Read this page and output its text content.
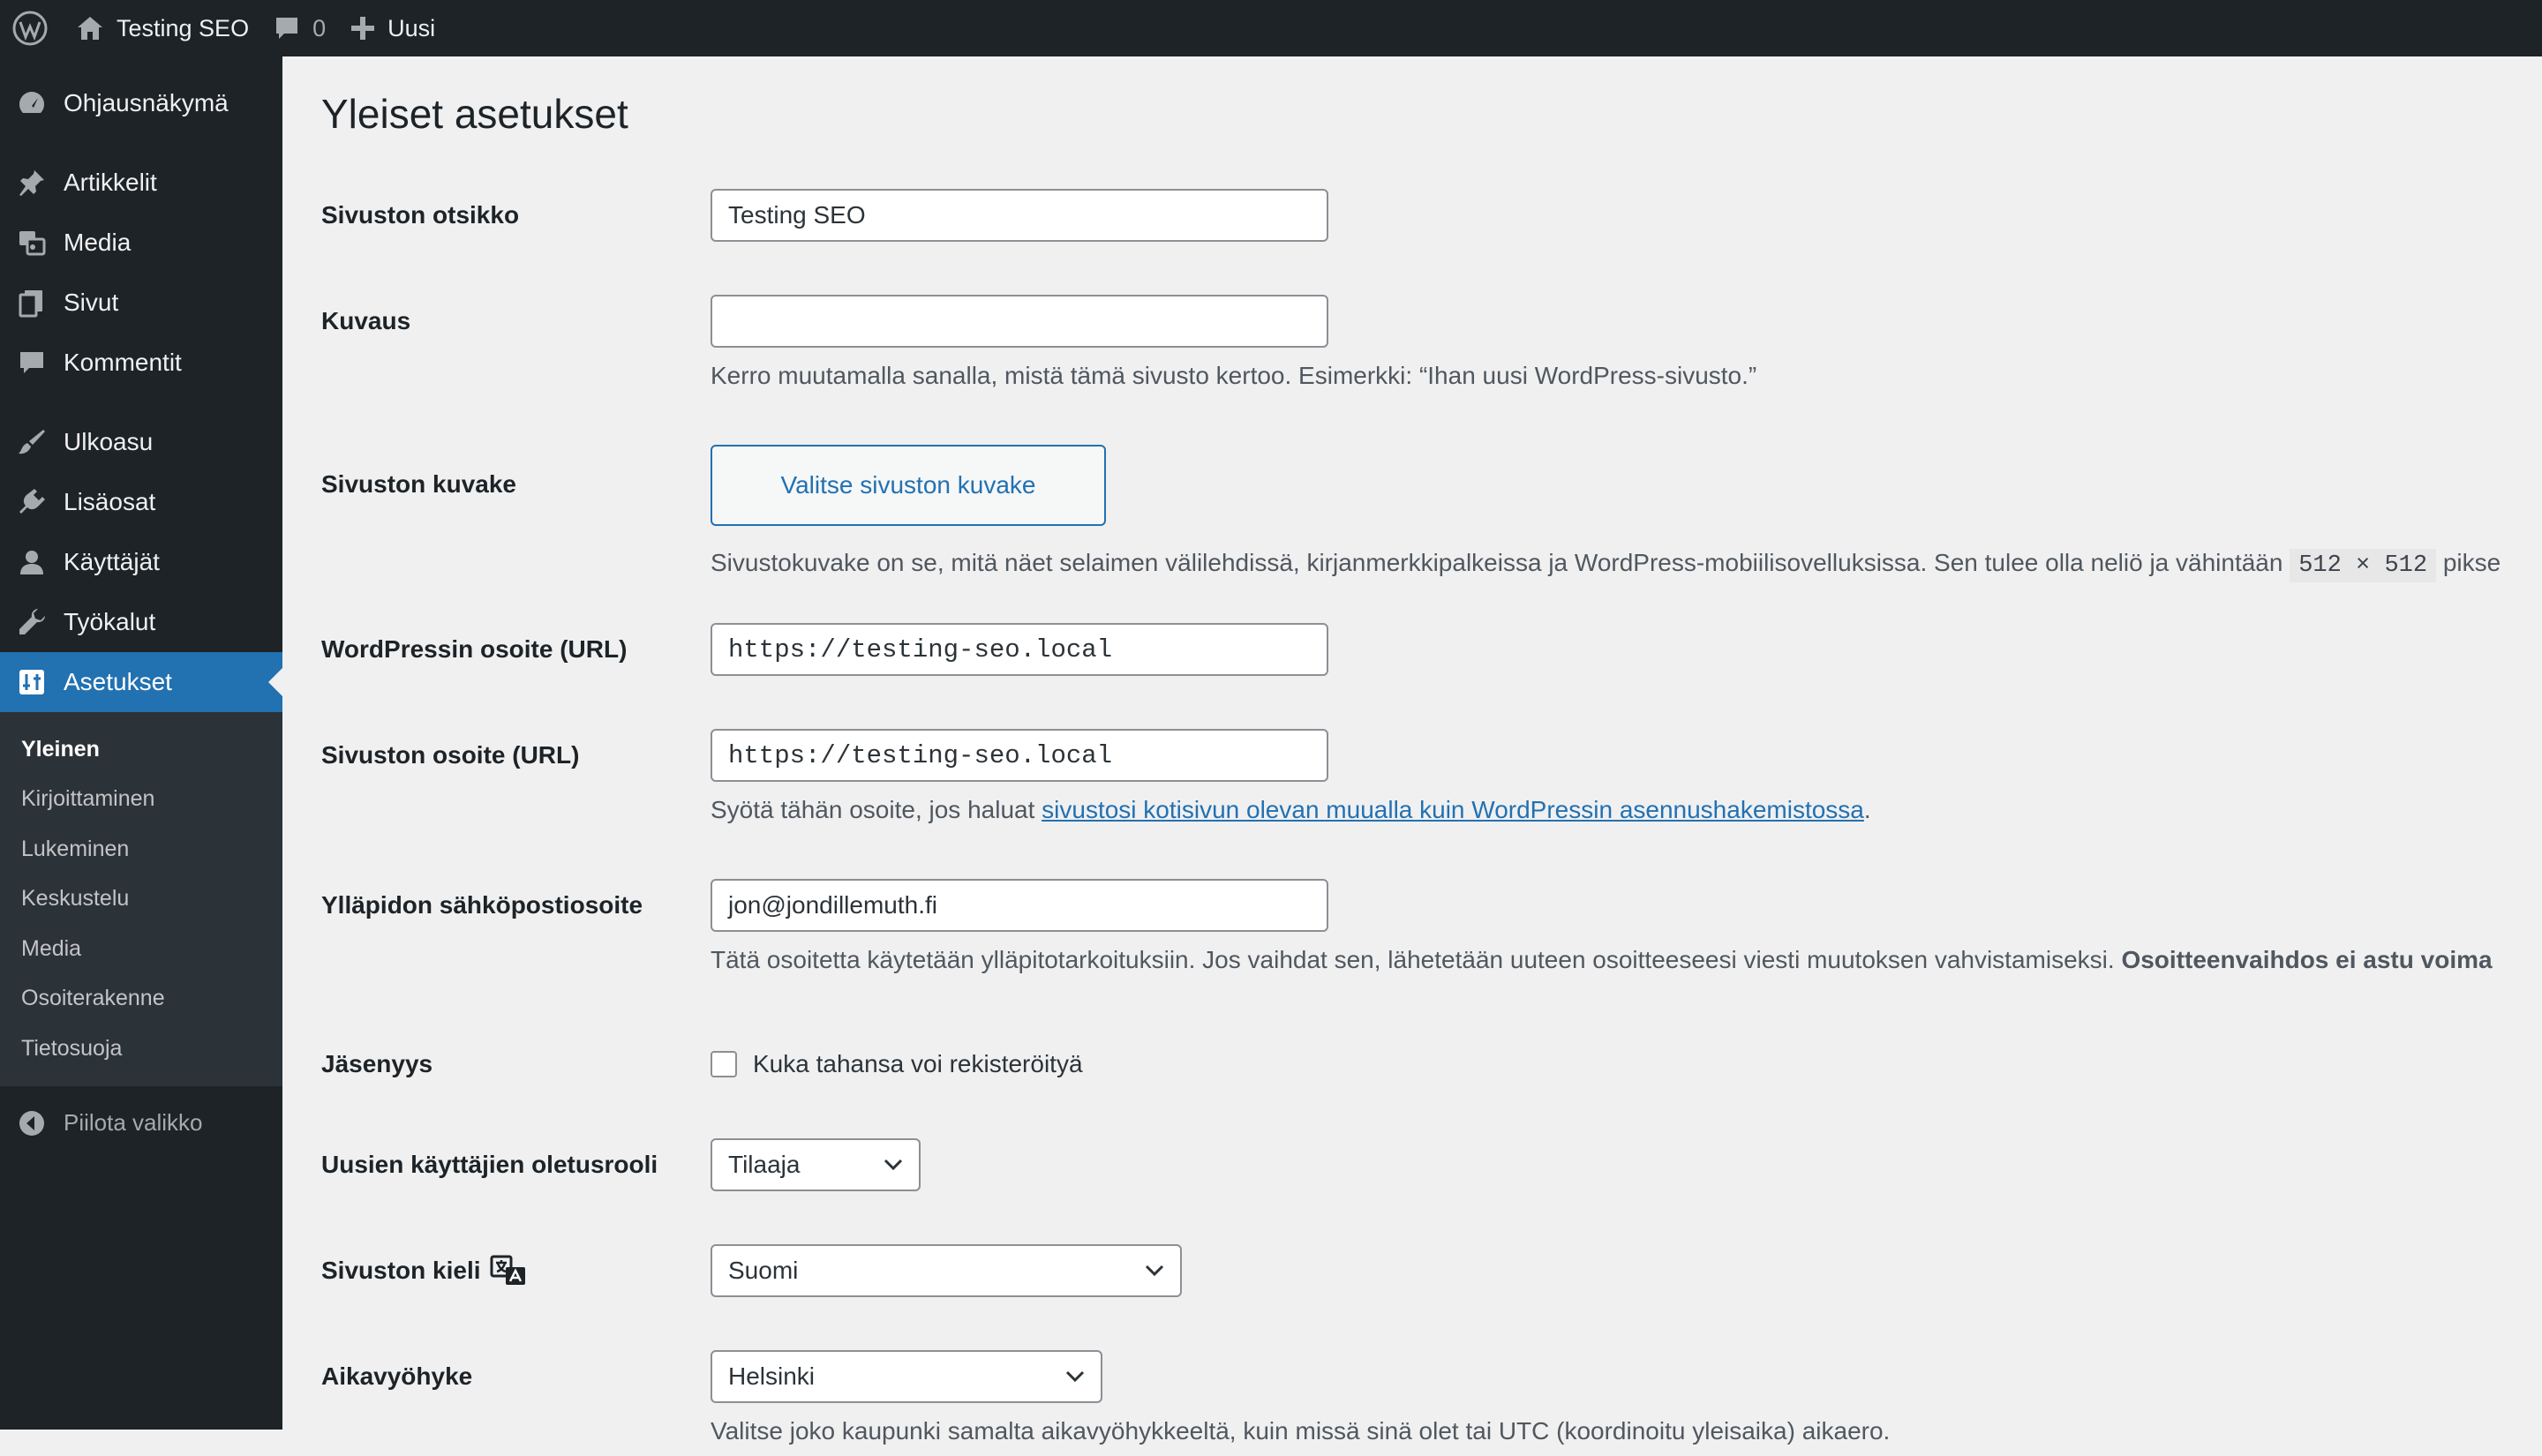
Testing SEO	0	Uusi
Ohjausnäkymä
Artikkelit
Media
Sivut
Kommentit
Ulkoasu
Lisäosat
Käyttäjät
Työkalut
Asetukset
Yleinen
Kirjoittaminen
Lukeminen
Keskustelu
Media
Osoiterakenne
Tietosuoja
Piilota valikko
Yleiset asetukset
Sivuston otsikko	Testing SEO
Kuvaus

Kerro muutamalla sanalla, mistä tämä sivusto kertoo. Esimerkki: “Ihan uusi WordPress-sivusto.”

Sivuston kuvake	Valitse sivuston kuvake

Sivustokuvake on se, mitä näet selaimen välilehdissä, kirjanmerkkipalkeissa ja WordPress-mobiilisovelluksissa. Sen tulee olla neliö ja vähintään 512 × 512 pikse

WordPressin osoite (URL)	https://testing-seo.local
Sivuston osoite (URL)	https://testing-seo.local

Syötä tähän osoite, jos haluat sivustosi kotisivun olevan muualla kuin WordPressin asennushakemistossa.

Ylläpidon sähköpostiosoite	jon@jondillemuth.fi

Tätä osoitetta käytetään ylläpitotarkoituksiin. Jos vaihdat sen, lähetetään uuteen osoitteeseesi viesti muutoksen vahvistamiseksi. Osoitteenvaihdos ei astu voima

Jäsenyys	Kuka tahansa voi rekisteröityä
Uusien käyttäjien oletusrooli	Tilaaja
Sivuston kieli	Suomi
Aikavyöhyke	Helsinki

Valitse joko kaupunki samalta aikavyöhykkeeltä, kuin missä sinä olet tai UTC (koordinoitu yleisaika) aikaero.
